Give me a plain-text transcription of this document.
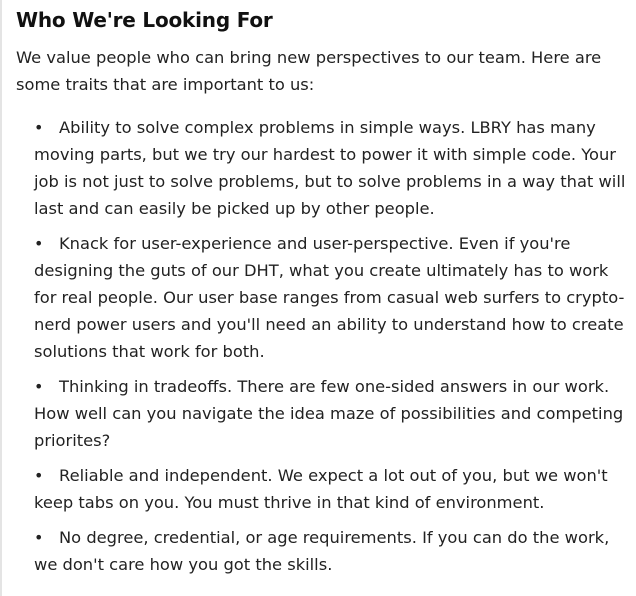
Who We're Looking For

We value people who can bring new perspectives to our team. Here are some traits that are important to us:

• Ability to solve complex problems in simple ways. LBRY has many moving parts, but we try our hardest to power it with simple code. Your job is not just to solve problems, but to solve problems in a way that will last and can easily be picked up by other people.
• Knack for user-experience and user-perspective. Even if you're designing the guts of our DHT, what you create ultimately has to work for real people. Our user base ranges from casual web surfers to crypto-nerd power users and you'll need an ability to understand how to create solutions that work for both.
• Thinking in tradeoffs. There are few one-sided answers in our work. How well can you navigate the idea maze of possibilities and competing priorites?
• Reliable and independent. We expect a lot out of you, but we won't keep tabs on you. You must thrive in that kind of environment.
• No degree, credential, or age requirements. If you can do the work, we don't care how you got the skills.
